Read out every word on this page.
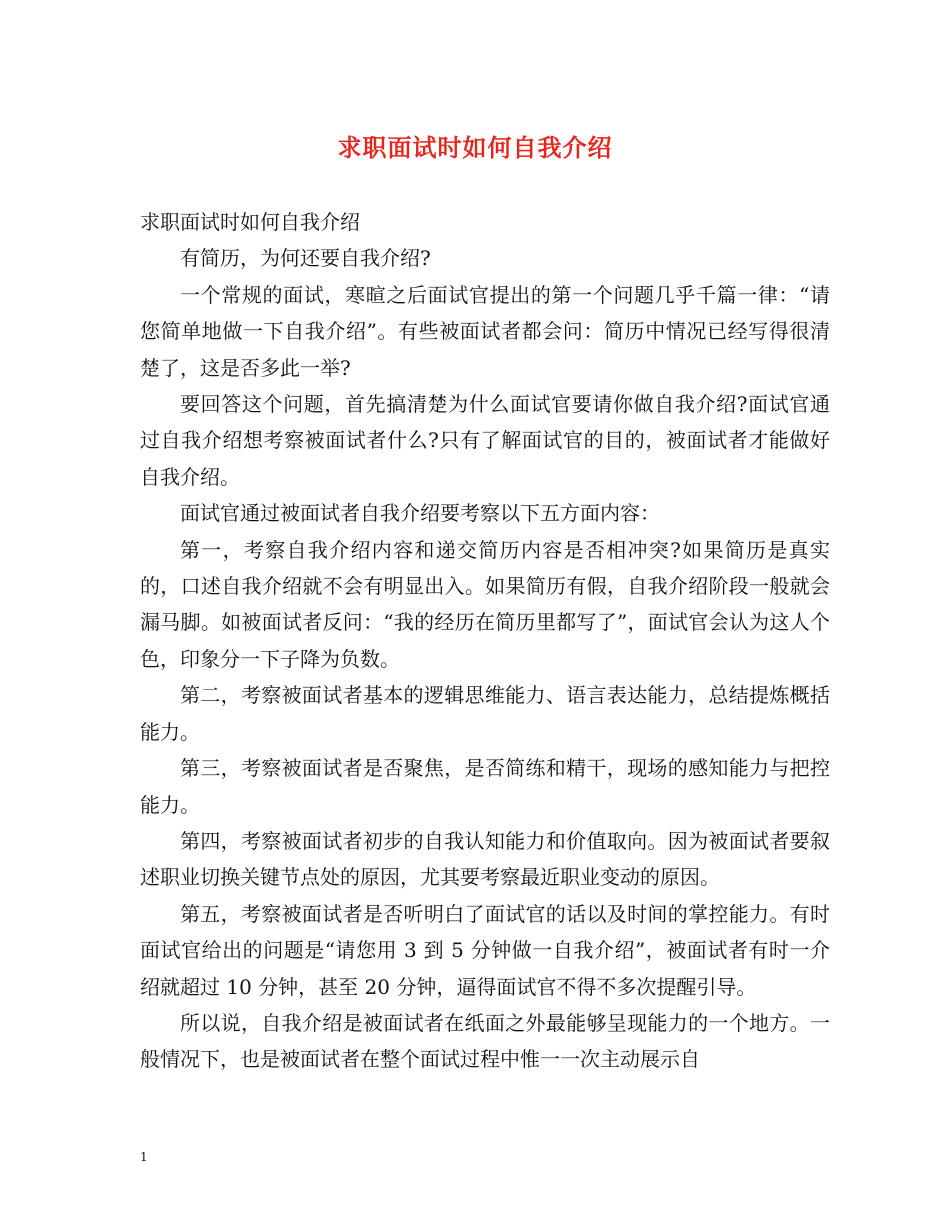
求职面试时如何自我介绍

求职面试时如何自我介绍

有简历，为何还要自我介绍?

一个常规的面试，寒暄之后面试官提出的第一个问题几乎千篇一律：“请您简单地做一下自我介绍”。有些被面试者都会问：简历中情况已经写得很清楚了，这是否多此一举?

要回答这个问题，首先搞清楚为什么面试官要请你做自我介绍?面试官通过自我介绍想考察被面试者什么?只有了解面试官的目的，被面试者才能做好自我介绍。

面试官通过被面试者自我介绍要考察以下五方面内容：

第一，考察自我介绍内容和递交简历内容是否相冲突?如果简历是真实的，口述自我介绍就不会有明显出入。如果简历有假，自我介绍阶段一般就会漏马脚。如被面试者反问：“我的经历在简历里都写了”，面试官会认为这人个色，印象分一下子降为负数。

第二，考察被面试者基本的逻辑思维能力、语言表达能力，总结提炼概括能力。

第三，考察被面试者是否聚焦，是否简练和精干，现场的感知能力与把控能力。

第四，考察被面试者初步的自我认知能力和价值取向。因为被面试者要叙述职业切换关键节点处的原因，尤其要考察最近职业变动的原因。

第五，考察被面试者是否听明白了面试官的话以及时间的掌控能力。有时面试官给出的问题是“请您用 3 到 5 分钟做一自我介绍”，被面试者有时一介绍就超过 10 分钟，甚至 20 分钟，逼得面试官不得不多次提醒引导。

所以说，自我介绍是被面试者在纸面之外最能够呈现能力的一个地方。一般情况下，也是被面试者在整个面试过程中惟一一次主动展示自

1
